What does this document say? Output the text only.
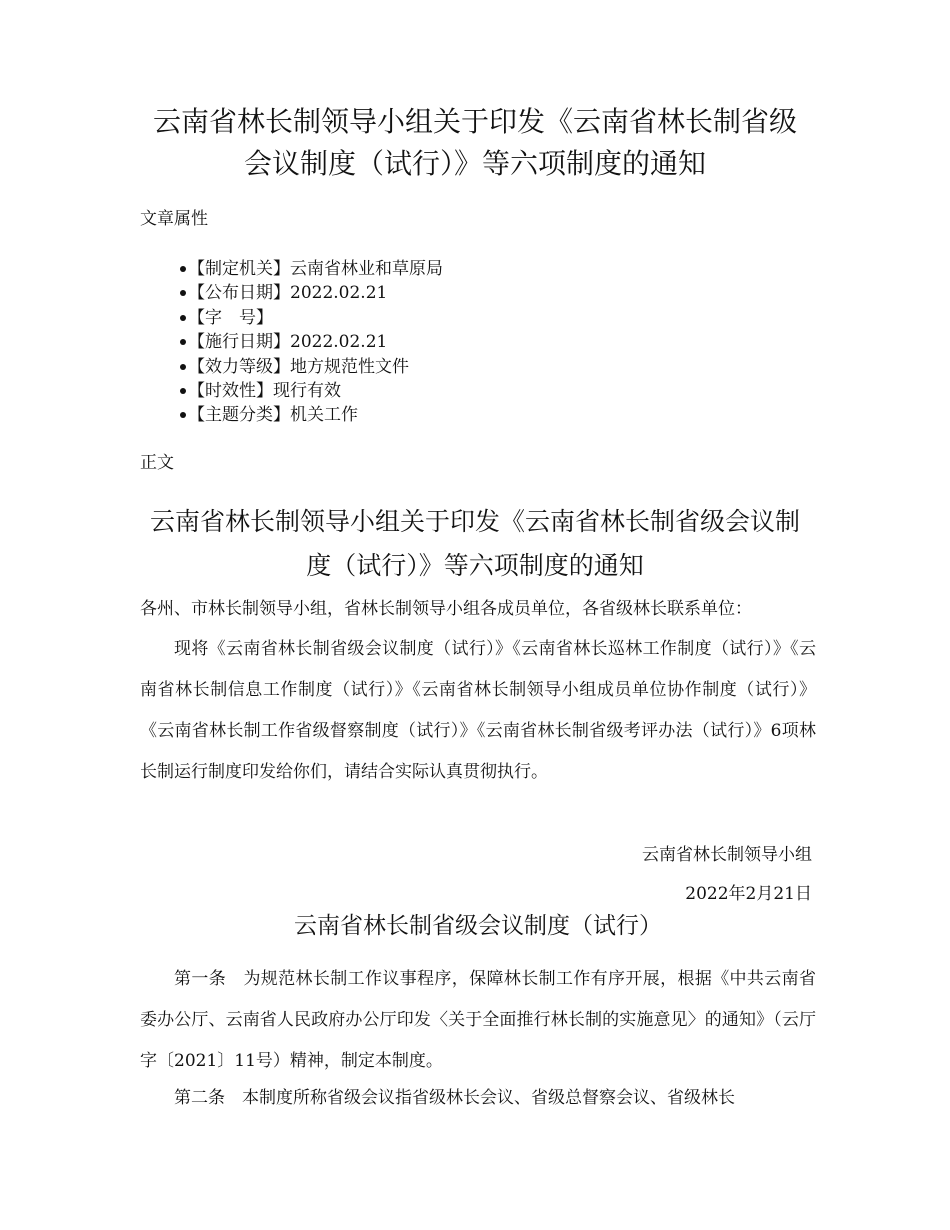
云南省林长制领导小组关于印发《云南省林长制省级
会议制度（试行）》等六项制度的通知

文章属性

【制定机关】云南省林业和草原局
【公布日期】2022.02.21
【字　号】
【施行日期】2022.02.21
【效力等级】地方规范性文件
【时效性】现行有效
【主题分类】机关工作

正文

云南省林长制领导小组关于印发《云南省林长制省级会议制
度（试行）》等六项制度的通知

各州、市林长制领导小组，省林长制领导小组各成员单位，各省级林长联系单位：

现将《云南省林长制省级会议制度（试行）》《云南省林长巡林工作制度（试行）》《云南省林长制信息工作制度（试行）》《云南省林长制领导小组成员单位协作制度（试行）》《云南省林长制工作省级督察制度（试行）》《云南省林长制省级考评办法（试行）》6项林长制运行制度印发给你们，请结合实际认真贯彻执行。

云南省林长制领导小组

2022年2月21日

云南省林长制省级会议制度（试行）

第一条　为规范林长制工作议事程序，保障林长制工作有序开展，根据《中共云南省委办公厅、云南省人民政府办公厅印发〈关于全面推行林长制的实施意见〉的通知》（云厅字〔2021〕11号）精神，制定本制度。

第二条　本制度所称省级会议指省级林长会议、省级总督察会议、省级林长
